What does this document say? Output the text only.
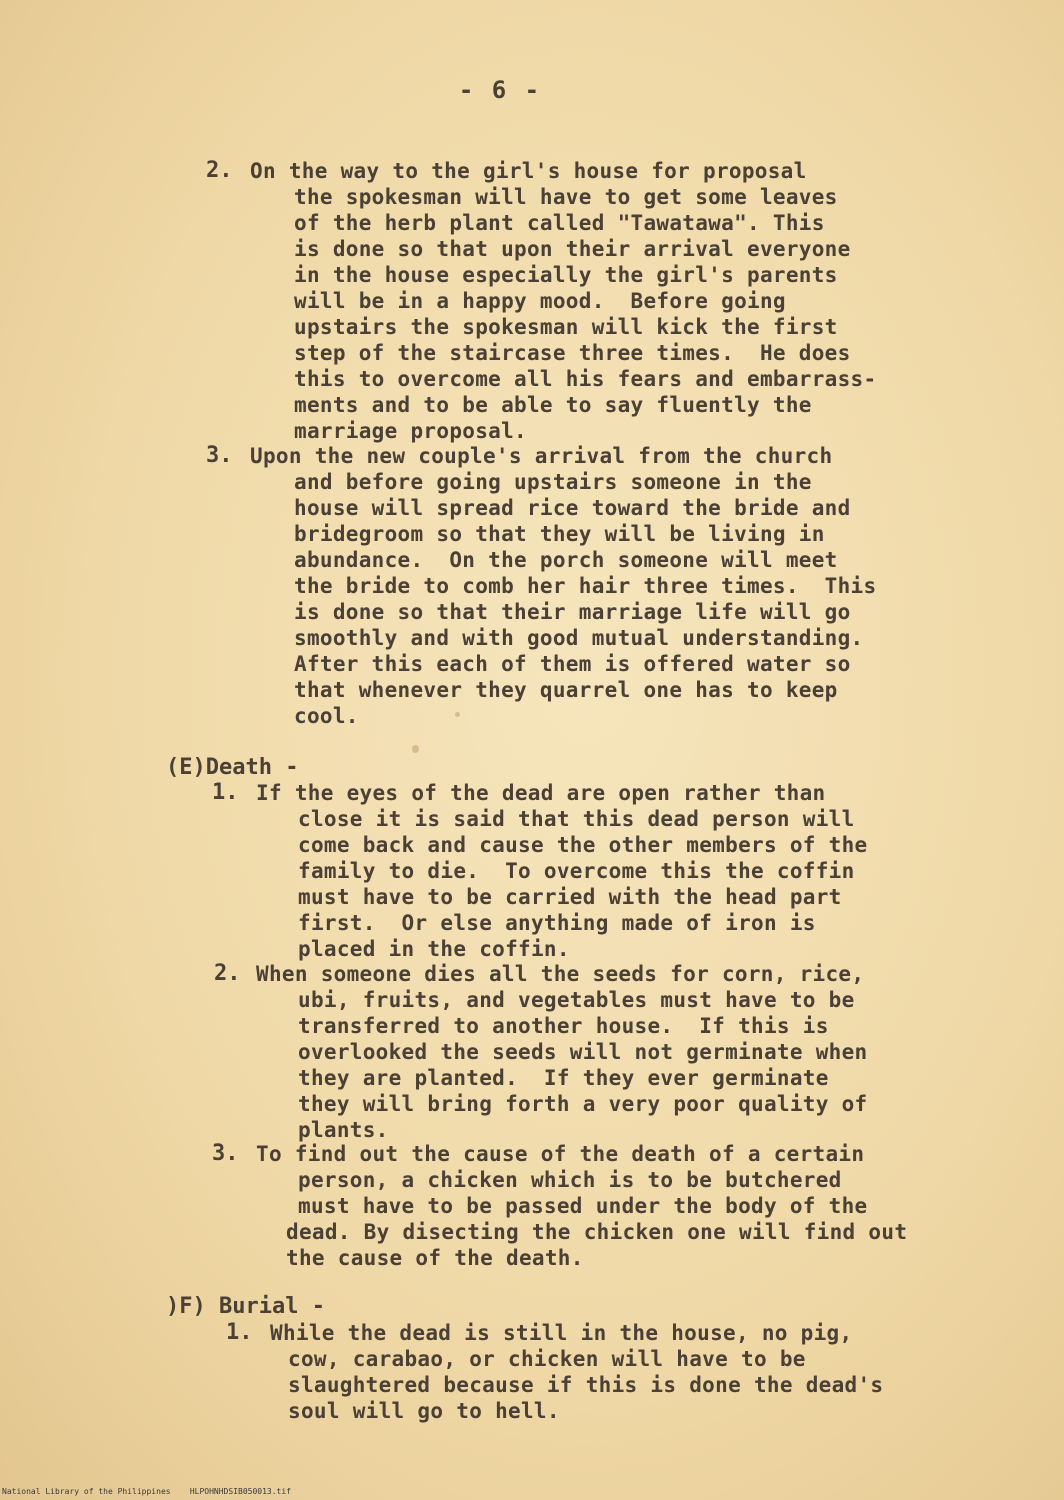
- 6 -
2. On the way to the girl's house for proposal
the spokesman will have to get some leaves
of the herb plant called "Tawatawa". This
is done so that upon their arrival everyone
in the house especially the girl's parents
will be in a happy mood.  Before going
upstairs the spokesman will kick the first
step of the staircase three times.  He does
this to overcome all his fears and embarrass-
ments and to be able to say fluently the
marriage proposal.
3. Upon the new couple's arrival from the church
and before going upstairs someone in the
house will spread rice toward the bride and
bridegroom so that they will be living in
abundance.  On the porch someone will meet
the bride to comb her hair three times.  This
is done so that their marriage life will go
smoothly and with good mutual understanding.
After this each of them is offered water so
that whenever they quarrel one has to keep
cool.
(E)Death -
1. If the eyes of the dead are open rather than
close it is said that this dead person will
come back and cause the other members of the
family to die.  To overcome this the coffin
must have to be carried with the head part
first.  Or else anything made of iron is
placed in the coffin.
2. When someone dies all the seeds for corn, rice,
ubi, fruits, and vegetables must have to be
transferred to another house.  If this is
overlooked the seeds will not germinate when
they are planted.  If they ever germinate
they will bring forth a very poor quality of
plants.
3. To find out the cause of the death of a certain
person, a chicken which is to be butchered
must have to be passed under the body of the
dead. By disecting the chicken one will find out
the cause of the death.
)F) Burial -
1. While the dead is still in the house, no pig,
cow, carabao, or chicken will have to be
slaughtered because if this is done the dead's
soul will go to hell.
National Library of the Philippines    HLPOHNHDSIB050013.tif
